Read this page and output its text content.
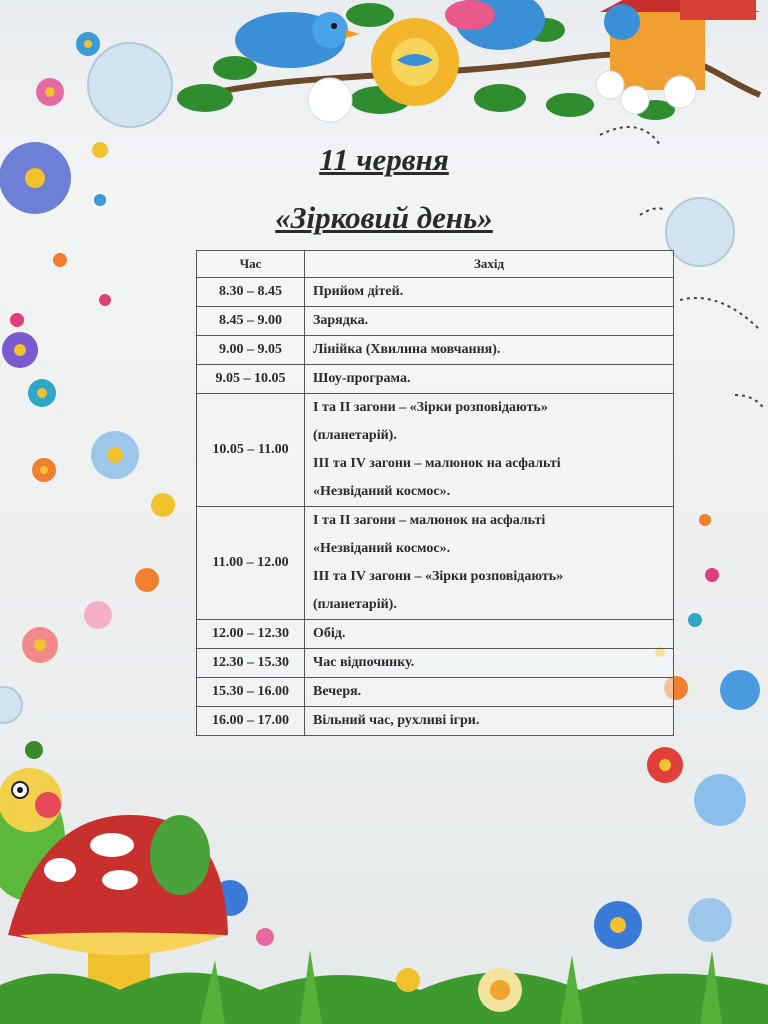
11 червня
«Зірковий день»
Час	Захід
8.30 – 8.45	Прийом дітей.

8.45 – 9.00	Зарядка.

9.00 – 9.05	Лінійка (Хвилина мовчання).

9.05 – 10.05	Шоу-програма.

10.05 – 11.00	І та ІІ загони – «Зірки розповідають»
(планетарій).
ІІІ та IV загони – малюнок на асфальті
«Незвіданий космос».

11.00 – 12.00	І та ІІ загони – малюнок на асфальті
«Незвіданий космос».
ІІІ та IV загони – «Зірки розповідають»
(планетарій).

12.00 – 12.30	Обід.

12.30 – 15.30	Час відпочинку.

15.30 – 16.00	Вечеря.

16.00 – 17.00	Вільний час, рухливі ігри.
